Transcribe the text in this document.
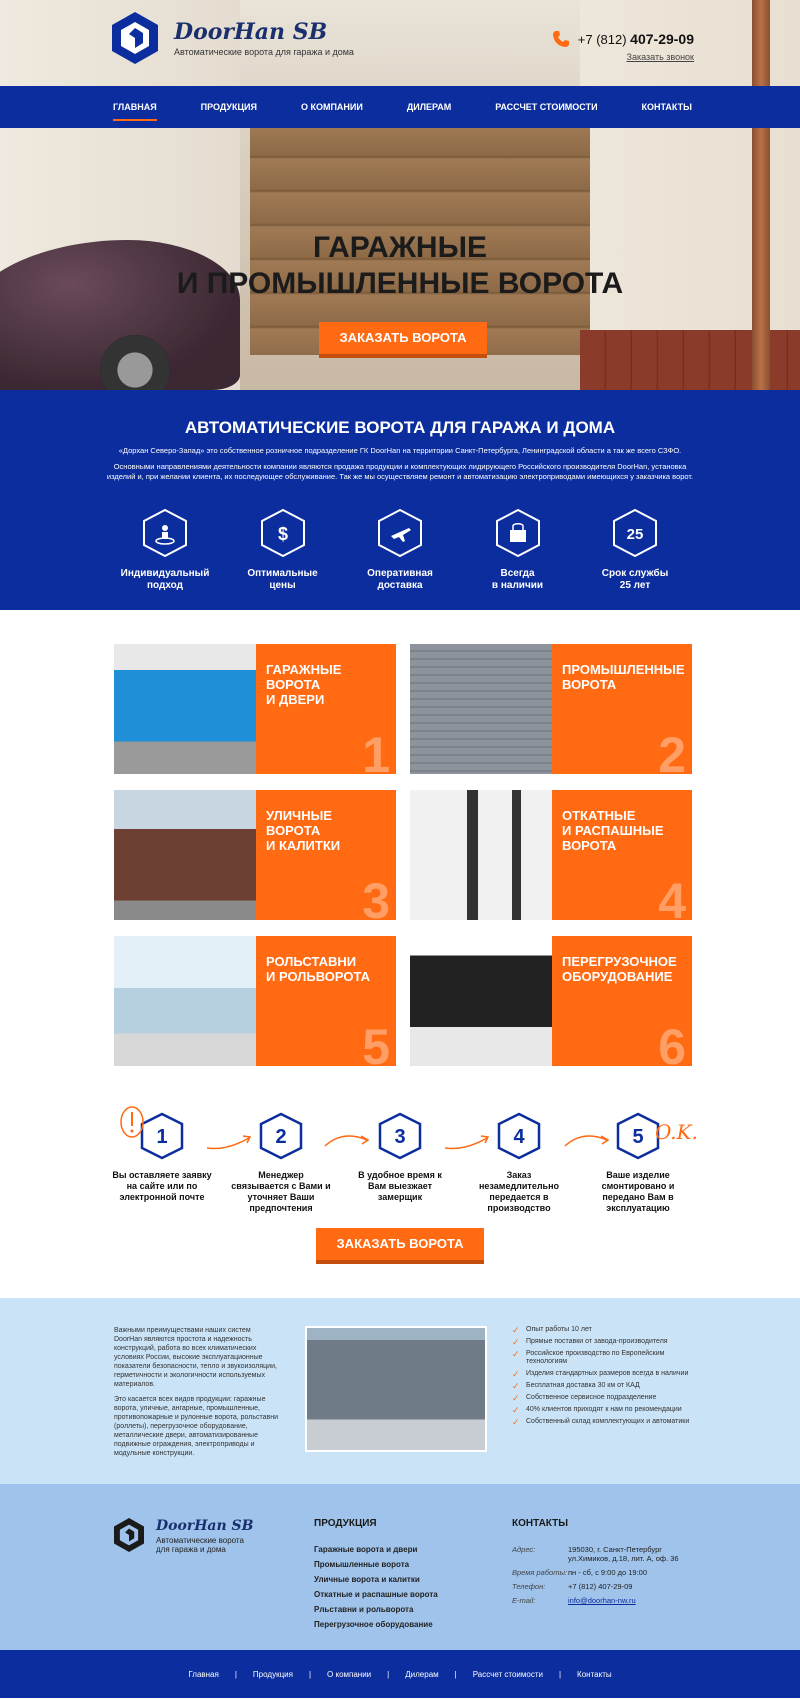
DoorHan SB
Автоматические ворота для гаража и дома
+7 (812) 407-29-09
Заказать звонок
ГЛАВНАЯ	ПРОДУКЦИЯ	О КОМПАНИИ	ДИЛЕРАМ	РАССЧЕТ СТОИМОСТИ	КОНТАКТЫ
ГАРАЖНЫЕ
И ПРОМЫШЛЕННЫЕ ВОРОТА
ЗАКАЗАТЬ ВОРОТА
АВТОМАТИЧЕСКИЕ ВОРОТА ДЛЯ ГАРАЖА И ДОМА

«Дорхан Северо-Запад» это собственное розничное подразделение ГК DoorHan на территории Санкт-Петербурга, Ленинградской области а так же всего СЗФО.

Основными направлениями деятельности компании являются продажа продукции и комплектующих лидирующего Российского производителя DoorHan, установка изделий и, при желании клиента, их последующее обслуживание. Так же мы осуществляем ремонт и автоматизацию электроприводами имеющихся у заказчика ворот.

Индивидуальный
подход
$
Оптимальные
цены
Оперативная
доставка
Всегда
в наличии
25
Срок службы
25 лет
ГАРАЖНЫЕ
ВОРОТА
И ДВЕРИ
1
ПРОМЫШЛЕННЫЕ
ВОРОТА
2
УЛИЧНЫЕ
ВОРОТА
И КАЛИТКИ
3
ОТКАТНЫЕ
И РАСПАШНЫЕ
ВОРОТА
4
РОЛЬСТАВНИ
И РОЛЬВОРОТА
5
ПЕРЕГРУЗОЧНОЕ
ОБОРУДОВАНИЕ
6
O.K.
1
Вы оставляете заявку на сайте или по электронной почте
2
Менеджер связывается с Вами и уточняет Ваши предпочтения
3
В удобное время к Вам выезжает замерщик
4
Заказ незамедлительно передается в производство
5
Ваше изделие смонтировано и передано Вам в эксплуатацию
ЗАКАЗАТЬ ВОРОТА

Важными преимуществами наших систем DoorHan являются простота и надежность конструкций, работа во всех климатических условиях России, высокие эксплуатационные показатели безопасности, тепло и звукоизоляции, герметичности и экологичности используемых материалов.

Это касается всех видов продукции: гаражные ворота, уличные, ангарные, промышленные, противопожарные и рулонные ворота, рольставни (роллеты), перегрузочное оборудование, металлические двери, автоматизированные подвижные ограждения, электроприводы и модульные конструкции.

✓ Опыт работы 10 лет
✓ Прямые поставки от завода-производителя
✓ Российское производство по Европейским технологиям
✓ Изделия стандартных размеров всегда в наличии
✓ Бесплатная доставка 30 км от КАД
✓ Собственное сервисное подразделение
✓ 40% клиентов приходят к нам по рекомендации
✓ Собственный склад комплектующих и автоматики
DoorHan SB
Автоматические ворота
для гаража и дома
ПРОДУКЦИЯ
Гаражные ворота и двери
Промышленные ворота
Уличные ворота и калитки
Откатные и распашные ворота
Рльставни и рольворота
Перегрузочное оборудование
КОНТАКТЫ
Адрес:	195030, г. Санкт-Петербург ул.Химиков, д.18, лит. А, оф. 36
Время работы: пн - сб, с 9:00 до 19:00
Телефон:	+7 (812) 407-29-09
E-mail:	info@doorhan-nw.ru
Главная	|	Продукция	|	О компании	|	Дилерам	|	Рассчет стоимости	|	Контакты
